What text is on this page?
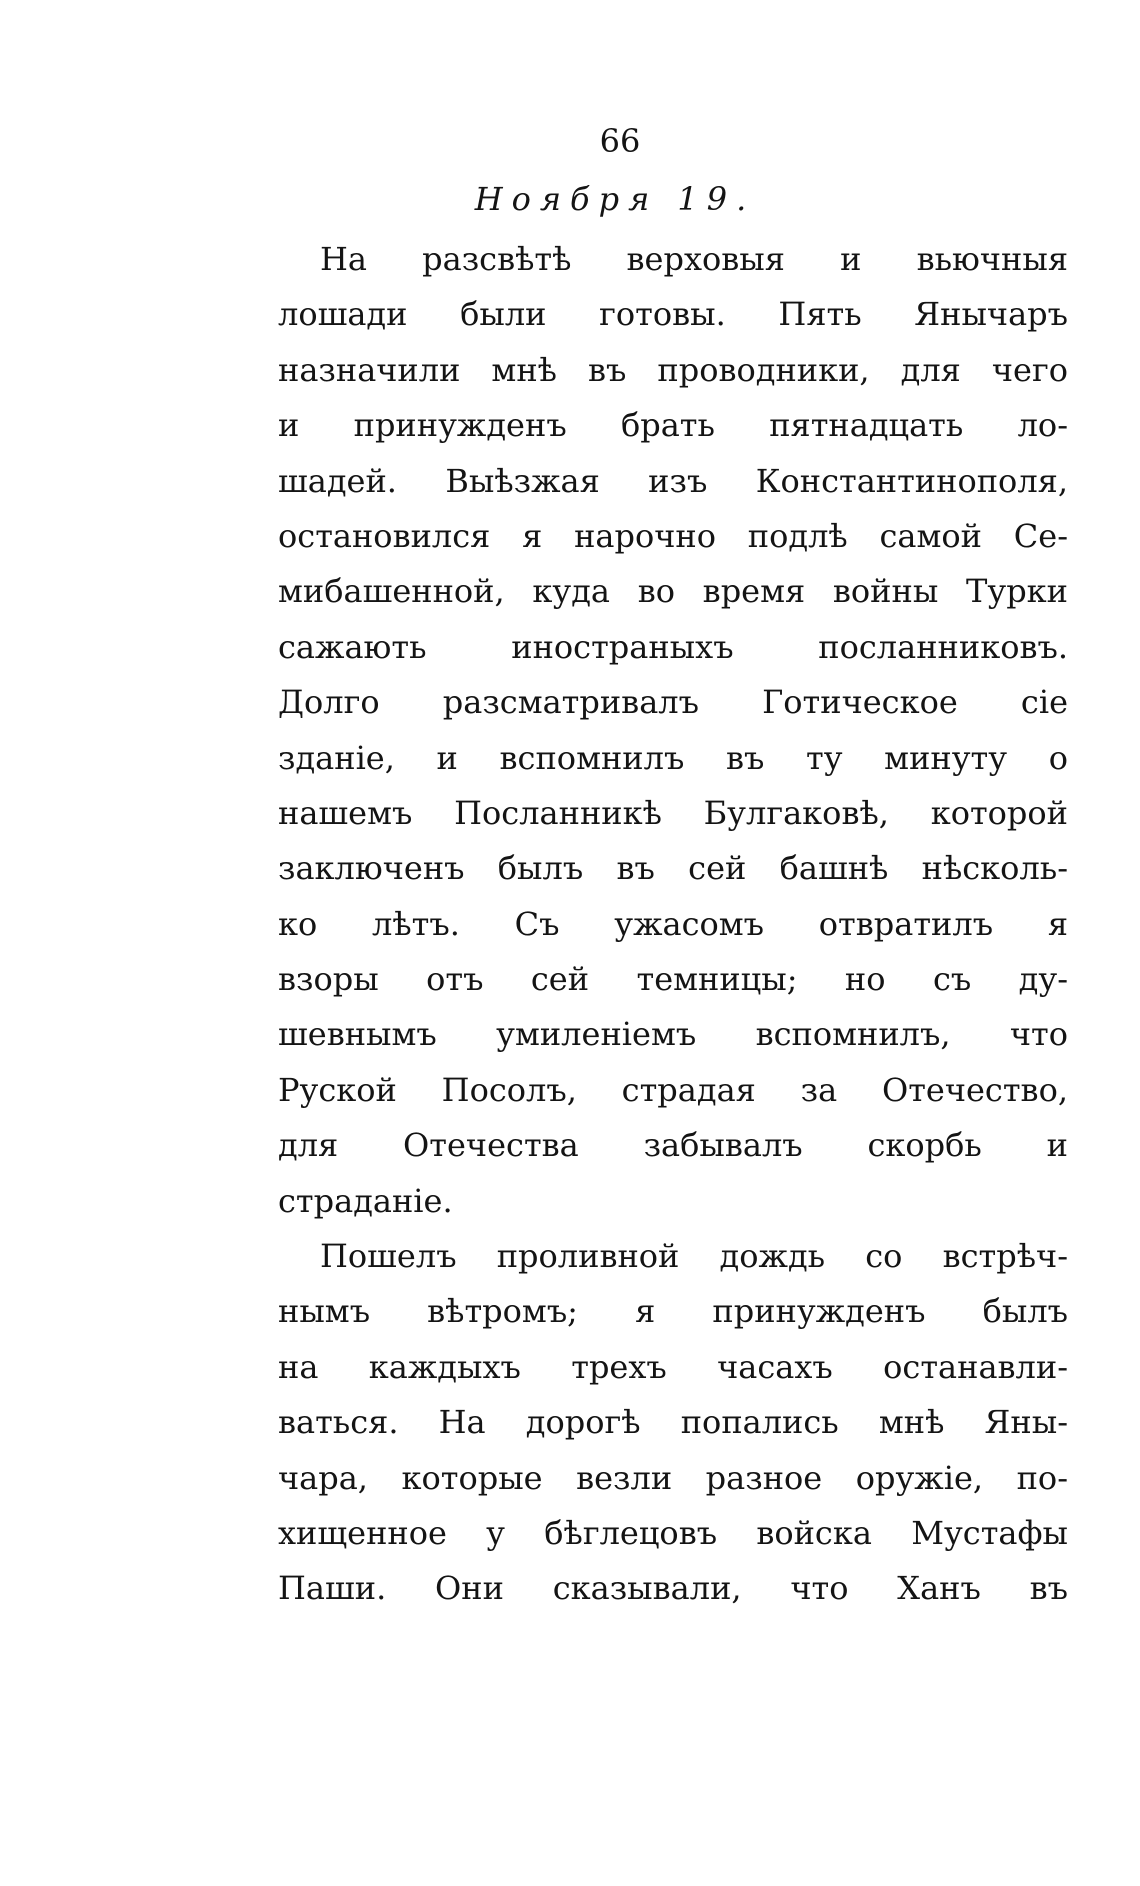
66
Ноября 19.
На разсвѣтѣ верховыя и вьючныя
лошади были готовы. Пять Янычаръ
назначили мнѣ въ проводники, для чего
и принужденъ брать пятнадцать ло-
шадей. Выѣзжая изъ Константинополя,
остановился я нарочно подлѣ самой Се-
мибашенной, куда во время войны Турки
сажають иностраныхъ посланниковъ.
Долго разсматривалъ Готическое сіе
зданіе, и вспомнилъ въ ту минуту о
нашемъ Посланникѣ Булгаковѣ, которой
заключенъ былъ въ сей башнѣ нѣсколь-
ко лѣтъ. Съ ужасомъ отвратилъ я
взоры отъ сей темницы; но съ ду-
шевнымъ умиленіемъ вспомнилъ, что
Руской Посолъ, страдая за Отечество,
для Отечества забывалъ скорбь и
страданіе.
Пошелъ проливной дождь со встрѣч-
нымъ вѣтромъ; я принужденъ былъ
на каждыхъ трехъ часахъ останавли-
ваться. На дорогѣ попались мнѣ Яны-
чара, которые везли разное оружіе, по-
хищенное у бѣглецовъ войска Мустафы
Паши. Они сказывали, что Ханъ въ
